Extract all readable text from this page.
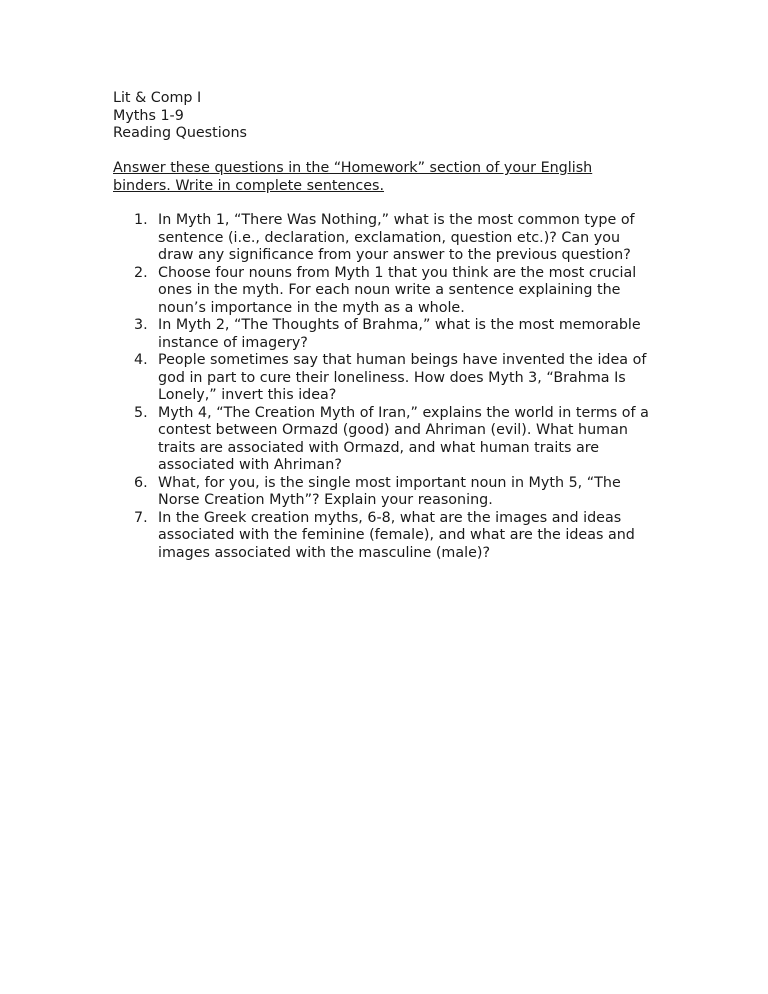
Lit & Comp I
Myths 1-9
Reading Questions
Answer these questions in the “Homework” section of your English binders. Write in complete sentences.
1. In Myth 1, “There Was Nothing,” what is the most common type of sentence (i.e., declaration, exclamation, question etc.)? Can you draw any significance from your answer to the previous question?
2. Choose four nouns from Myth 1 that you think are the most crucial ones in the myth. For each noun write a sentence explaining the noun’s importance in the myth as a whole.
3. In Myth 2, “The Thoughts of Brahma,” what is the most memorable instance of imagery?
4. People sometimes say that human beings have invented the idea of god in part to cure their loneliness. How does Myth 3, “Brahma Is Lonely,” invert this idea?
5. Myth 4, “The Creation Myth of Iran,” explains the world in terms of a contest between Ormazd (good) and Ahriman (evil). What human traits are associated with Ormazd, and what human traits are associated with Ahriman?
6. What, for you, is the single most important noun in Myth 5, “The Norse Creation Myth”? Explain your reasoning.
7. In the Greek creation myths, 6-8, what are the images and ideas associated with the feminine (female), and what are the ideas and images associated with the masculine (male)?
